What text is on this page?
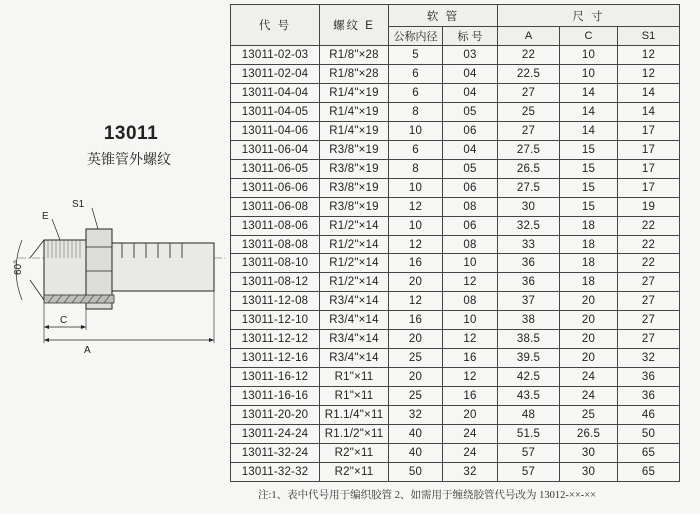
13011
英锥管外螺纹
S1
E
60°
C
A
代 号	螺纹 E	软 管		尺 寸		
		公称内径	标 号	A	C	S1
13011-02-03	R1/8"×28	5	03	22	10	12
13011-02-04	R1/8"×28	6	04	22.5	10	12
13011-04-04	R1/4"×19	6	04	27	14	14
13011-04-05	R1/4"×19	8	05	25	14	14
13011-04-06	R1/4"×19	10	06	27	14	17
13011-06-04	R3/8"×19	6	04	27.5	15	17
13011-06-05	R3/8"×19	8	05	26.5	15	17
13011-06-06	R3/8"×19	10	06	27.5	15	17
13011-06-08	R3/8"×19	12	08	30	15	19
13011-08-06	R1/2"×14	10	06	32.5	18	22
13011-08-08	R1/2"×14	12	08	33	18	22
13011-08-10	R1/2"×14	16	10	36	18	22
13011-08-12	R1/2"×14	20	12	36	18	27
13011-12-08	R3/4"×14	12	08	37	20	27
13011-12-10	R3/4"×14	16	10	38	20	27
13011-12-12	R3/4"×14	20	12	38.5	20	27
13011-12-16	R3/4"×14	25	16	39.5	20	32
13011-16-12	R1"×11	20	12	42.5	24	36
13011-16-16	R1"×11	25	16	43.5	24	36
13011-20-20	R1.1/4"×11	32	20	48	25	46
13011-24-24	R1.1/2"×11	40	24	51.5	26.5	50
13011-32-24	R2"×11	40	24	57	30	65
13011-32-32	R2"×11	50	32	57	30	65
注:1、表中代号用于编织胶管 2、如需用于缠绕胶管代号改为 13012-××-××
